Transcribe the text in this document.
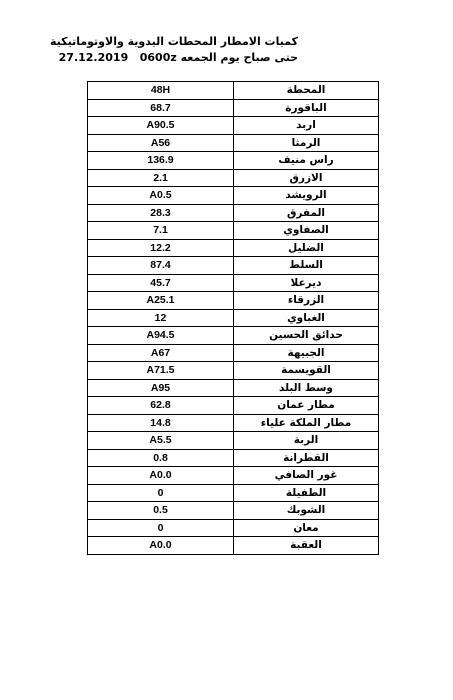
كميات الامطار المحطات اليدوية والاوتوماتيكية
حتى صباح يوم الجمعه 27.12.2019 0600z
48H	المحطة
68.7	الباقورة
A90.5	اربد
A56	الرمثا
136.9	راس منيف
2.1	الازرق
A0.5	الرويشد
28.3	المفرق
7.1	الصفاوي
12.2	الضليل
87.4	السلط
45.7	ديرعلا
A25.1	الزرقاء
12	الغباوي
A94.5	حدائق الحسين
A67	الجبيهة
A71.5	القويسمة
A95	وسط البلد
62.8	مطار عمان
14.8	مطار الملكة علياء
A5.5	الربة
0.8	القطرانة
A0.0	غور الصافي
0	الطفيلة
0.5	الشوبك
0	معان
A0.0	العقبة
